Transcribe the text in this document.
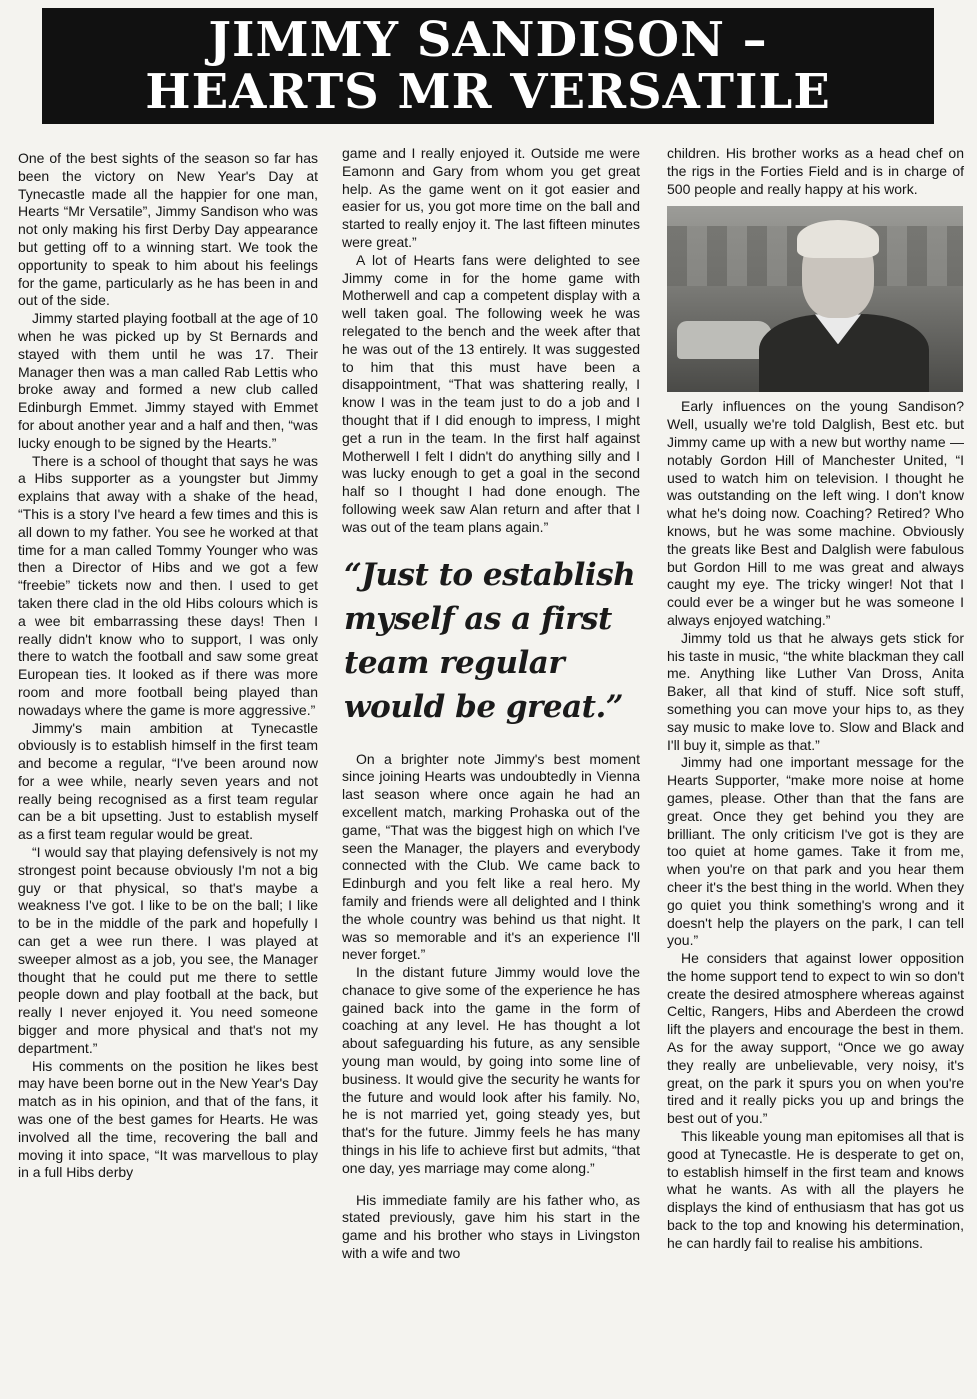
JIMMY SANDISON –
HEARTS MR VERSATILE

One of the best sights of the season so far has been the victory on New Year's Day at Tynecastle made all the happier for one man, Hearts “Mr Versatile”, Jimmy Sandison who was not only making his first Derby Day appearance but getting off to a winning start. We took the opportunity to speak to him about his feelings for the game, particularly as he has been in and out of the side.

Jimmy started playing football at the age of 10 when he was picked up by St Bernards and stayed with them until he was 17. Their Manager then was a man called Rab Lettis who broke away and formed a new club called Edinburgh Emmet. Jimmy stayed with Emmet for about another year and a half and then, “was lucky enough to be signed by the Hearts.”

There is a school of thought that says he was a Hibs supporter as a youngster but Jimmy explains that away with a shake of the head, “This is a story I've heard a few times and this is all down to my father. You see he worked at that time for a man called Tommy Younger who was then a Director of Hibs and we got a few “freebie” tickets now and then. I used to get taken there clad in the old Hibs colours which is a wee bit embarrassing these days! Then I really didn't know who to support, I was only there to watch the football and saw some great European ties. It looked as if there was more room and more football being played than nowadays where the game is more aggressive.”

Jimmy's main ambition at Tynecastle obviously is to establish himself in the first team and become a regular, “I've been around now for a wee while, nearly seven years and not really being recognised as a first team regular can be a bit upsetting. Just to establish myself as a first team regular would be great.

“I would say that playing defensively is not my strongest point because obviously I'm not a big guy or that physical, so that's maybe a weakness I've got. I like to be on the ball; I like to be in the middle of the park and hopefully I can get a wee run there. I was played at sweeper almost as a job, you see, the Manager thought that he could put me there to settle people down and play football at the back, but really I never enjoyed it. You need someone bigger and more physical and that's not my department.”

His comments on the position he likes best may have been borne out in the New Year's Day match as in his opinion, and that of the fans, it was one of the best games for Hearts. He was involved all the time, recovering the ball and moving it into space, “It was marvellous to play in a full Hibs derby

game and I really enjoyed it. Outside me were Eamonn and Gary from whom you get great help. As the game went on it got easier and easier for us, you got more time on the ball and started to really enjoy it. The last fifteen minutes were great.”

A lot of Hearts fans were delighted to see Jimmy come in for the home game with Motherwell and cap a competent display with a well taken goal. The following week he was relegated to the bench and the week after that he was out of the 13 entirely. It was suggested to him that this must have been a disappointment, “That was shattering really, I know I was in the team just to do a job and I thought that if I did enough to impress, I might get a run in the team. In the first half against Motherwell I felt I didn't do anything silly and I was lucky enough to get a goal in the second half so I thought I had done enough. The following week saw Alan return and after that I was out of the team plans again.”

“Just to establish myself as a first team regular would be great.”

On a brighter note Jimmy's best moment since joining Hearts was undoubtedly in Vienna last season where once again he had an excellent match, marking Prohaska out of the game, “That was the biggest high on which I've seen the Manager, the players and everybody connected with the Club. We came back to Edinburgh and you felt like a real hero. My family and friends were all delighted and I think the whole country was behind us that night. It was so memorable and it's an experience I'll never forget.”

In the distant future Jimmy would love the chanace to give some of the experience he has gained back into the game in the form of coaching at any level. He has thought a lot about safeguarding his future, as any sensible young man would, by going into some line of business. It would give the security he wants for the future and would look after his family. No, he is not married yet, going steady yes, but that's for the future. Jimmy feels he has many things in his life to achieve first but admits, “that one day, yes marriage may come along.”

His immediate family are his father who, as stated previously, gave him his start in the game and his brother who stays in Livingston with a wife and two

children. His brother works as a head chef on the rigs in the Forties Field and is in charge of 500 people and really happy at his work.

Early influences on the young Sandison? Well, usually we're told Dalglish, Best etc. but Jimmy came up with a new but worthy name — notably Gordon Hill of Manchester United, “I used to watch him on television. I thought he was outstanding on the left wing. I don't know what he's doing now. Coaching? Retired? Who knows, but he was some machine. Obviously the greats like Best and Dalglish were fabulous but Gordon Hill to me was great and always caught my eye. The tricky winger! Not that I could ever be a winger but he was someone I always enjoyed watching.”

Jimmy told us that he always gets stick for his taste in music, “the white blackman they call me. Anything like Luther Van Dross, Anita Baker, all that kind of stuff. Nice soft stuff, something you can move your hips to, as they say music to make love to. Slow and Black and I'll buy it, simple as that.”

Jimmy had one important message for the Hearts Supporter, “make more noise at home games, please. Other than that the fans are great. Once they get behind you they are brilliant. The only criticism I've got is they are too quiet at home games. Take it from me, when you're on that park and you hear them cheer it's the best thing in the world. When they go quiet you think something's wrong and it doesn't help the players on the park, I can tell you.”

He considers that against lower opposition the home support tend to expect to win so don't create the desired atmosphere whereas against Celtic, Rangers, Hibs and Aberdeen the crowd lift the players and encourage the best in them. As for the away support, “Once we go away they really are unbelievable, very noisy, it's great, on the park it spurs you on when you're tired and it really picks you up and brings the best out of you.”

This likeable young man epitomises all that is good at Tynecastle. He is desperate to get on, to establish himself in the first team and knows what he wants. As with all the players he displays the kind of enthusiasm that has got us back to the top and knowing his determination, he can hardly fail to realise his ambitions.
